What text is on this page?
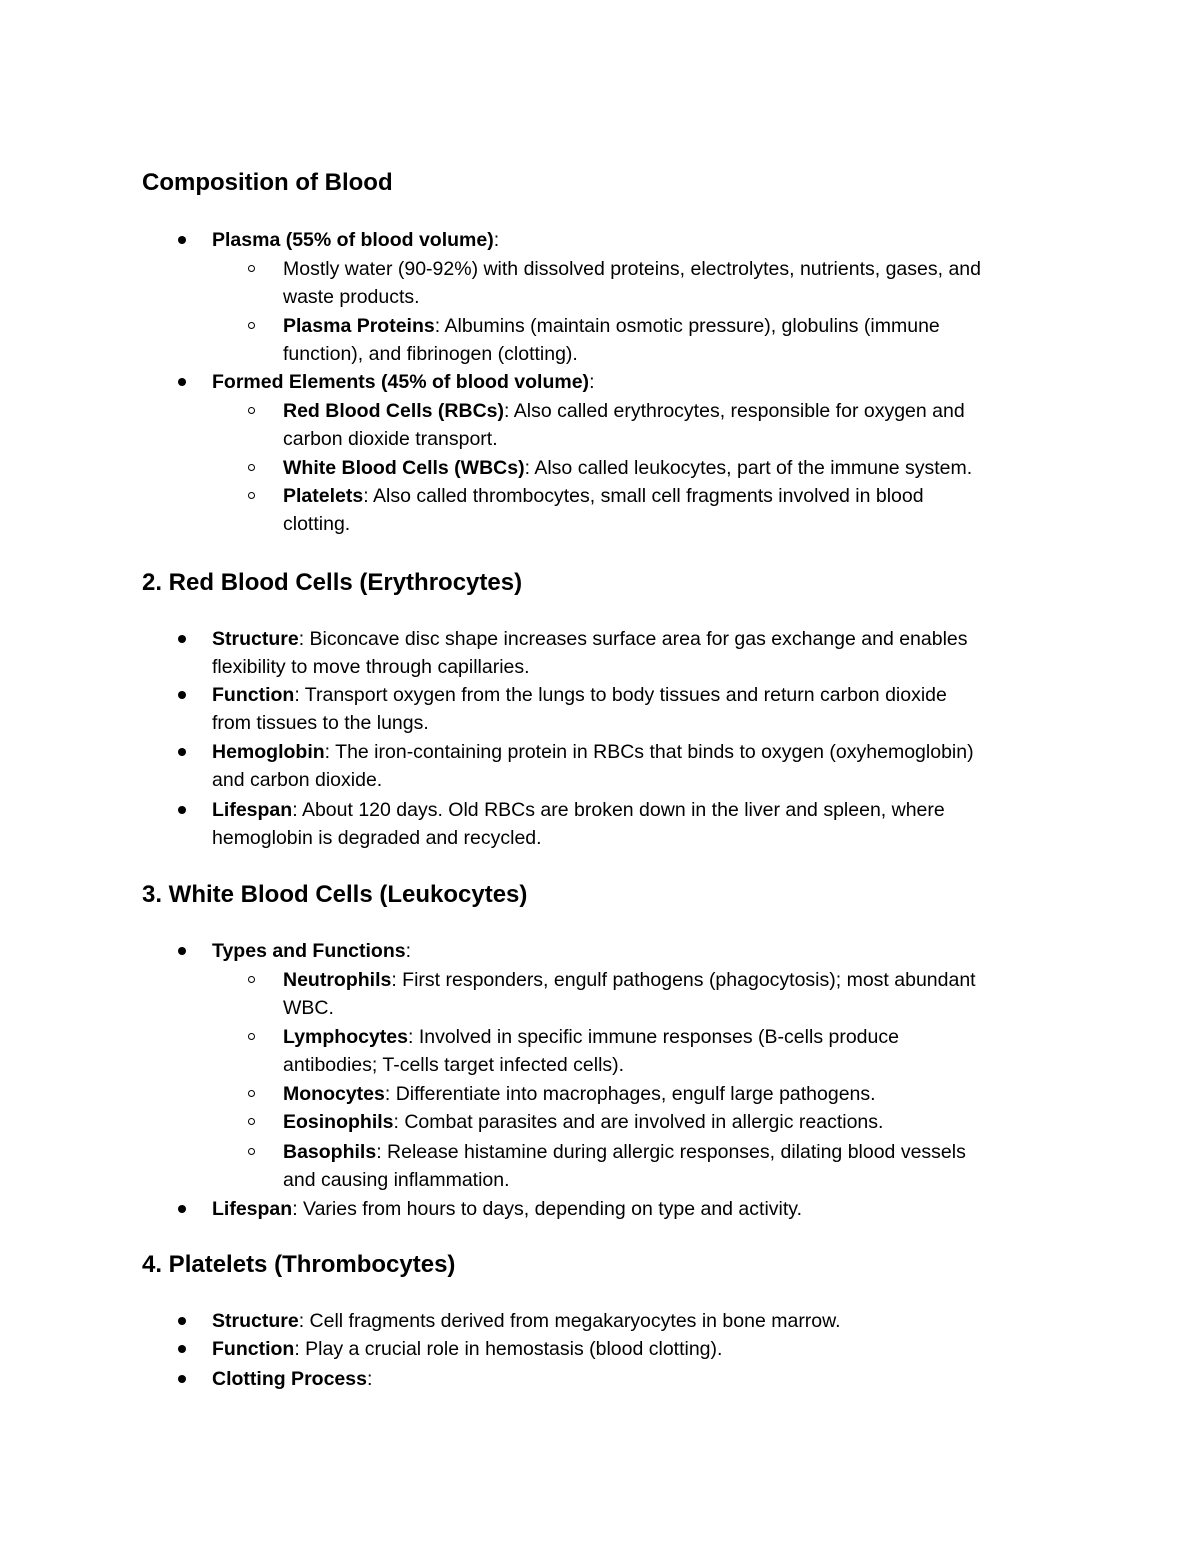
Composition of Blood
Plasma (55% of blood volume):
Mostly water (90-92%) with dissolved proteins, electrolytes, nutrients, gases, and
waste products.
Plasma Proteins: Albumins (maintain osmotic pressure), globulins (immune
function), and fibrinogen (clotting).
Formed Elements (45% of blood volume):
Red Blood Cells (RBCs): Also called erythrocytes, responsible for oxygen and
carbon dioxide transport.
White Blood Cells (WBCs): Also called leukocytes, part of the immune system.
Platelets: Also called thrombocytes, small cell fragments involved in blood
clotting.
2. Red Blood Cells (Erythrocytes)
Structure: Biconcave disc shape increases surface area for gas exchange and enables
flexibility to move through capillaries.
Function: Transport oxygen from the lungs to body tissues and return carbon dioxide
from tissues to the lungs.
Hemoglobin: The iron-containing protein in RBCs that binds to oxygen (oxyhemoglobin)
and carbon dioxide.
Lifespan: About 120 days. Old RBCs are broken down in the liver and spleen, where
hemoglobin is degraded and recycled.
3. White Blood Cells (Leukocytes)
Types and Functions:
Neutrophils: First responders, engulf pathogens (phagocytosis); most abundant
WBC.
Lymphocytes: Involved in specific immune responses (B-cells produce
antibodies; T-cells target infected cells).
Monocytes: Differentiate into macrophages, engulf large pathogens.
Eosinophils: Combat parasites and are involved in allergic reactions.
Basophils: Release histamine during allergic responses, dilating blood vessels
and causing inflammation.
Lifespan: Varies from hours to days, depending on type and activity.
4. Platelets (Thrombocytes)
Structure: Cell fragments derived from megakaryocytes in bone marrow.
Function: Play a crucial role in hemostasis (blood clotting).
Clotting Process:
